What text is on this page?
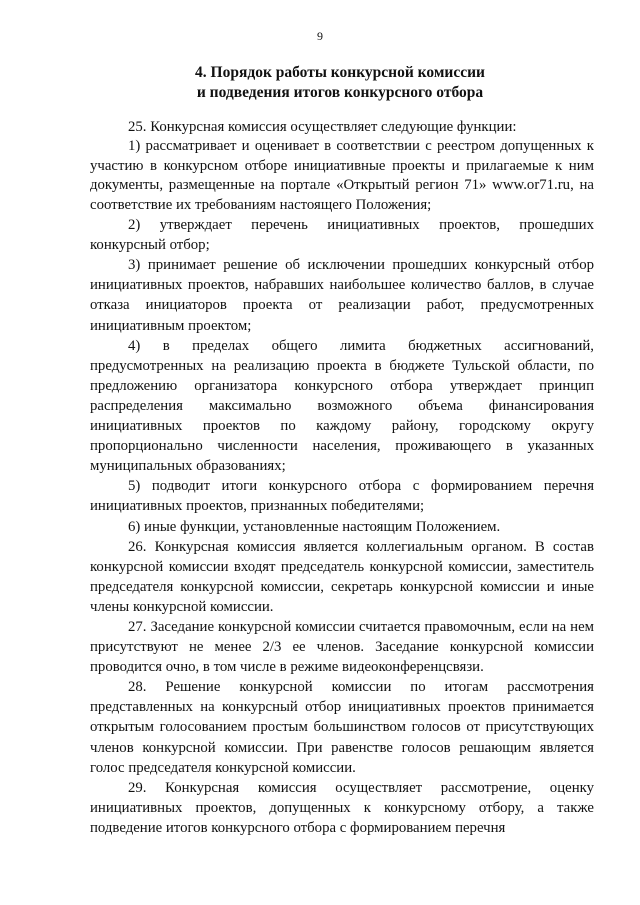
9
4. Порядок работы конкурсной комиссии
и подведения итогов конкурсного отбора

25. Конкурсная комиссия осуществляет следующие функции:

1) рассматривает и оценивает в соответствии с реестром допущенных к участию в конкурсном отборе инициативные проекты и прилагаемые к ним документы, размещенные на портале «Открытый регион 71» www.or71.ru, на соответствие их требованиям настоящего Положения;

2) утверждает перечень инициативных проектов, прошедших конкурсный отбор;

3) принимает решение об исключении прошедших конкурсный отбор инициативных проектов, набравших наибольшее количество баллов, в случае отказа инициаторов проекта от реализации работ, предусмотренных инициативным проектом;

4) в пределах общего лимита бюджетных ассигнований, предусмотренных на реализацию проекта в бюджете Тульской области, по предложению организатора конкурсного отбора утверждает принцип распределения максимально возможного объема финансирования инициативных проектов по каждому району, городскому округу пропорционально численности населения, проживающего в указанных муниципальных образованиях;

5) подводит итоги конкурсного отбора с формированием перечня инициативных проектов, признанных победителями;

6) иные функции, установленные настоящим Положением.

26. Конкурсная комиссия является коллегиальным органом. В состав конкурсной комиссии входят председатель конкурсной комиссии, заместитель председателя конкурсной комиссии, секретарь конкурсной комиссии и иные члены конкурсной комиссии.

27. Заседание конкурсной комиссии считается правомочным, если на нем присутствуют не менее 2/3 ее членов. Заседание конкурсной комиссии проводится очно, в том числе в режиме видеоконференцсвязи.

28. Решение конкурсной комиссии по итогам рассмотрения представленных на конкурсный отбор инициативных проектов принимается открытым голосованием простым большинством голосов от присутствующих членов конкурсной комиссии. При равенстве голосов решающим является голос председателя конкурсной комиссии.

29. Конкурсная комиссия осуществляет рассмотрение, оценку инициативных проектов, допущенных к конкурсному отбору, а также подведение итогов конкурсного отбора с формированием перечня
